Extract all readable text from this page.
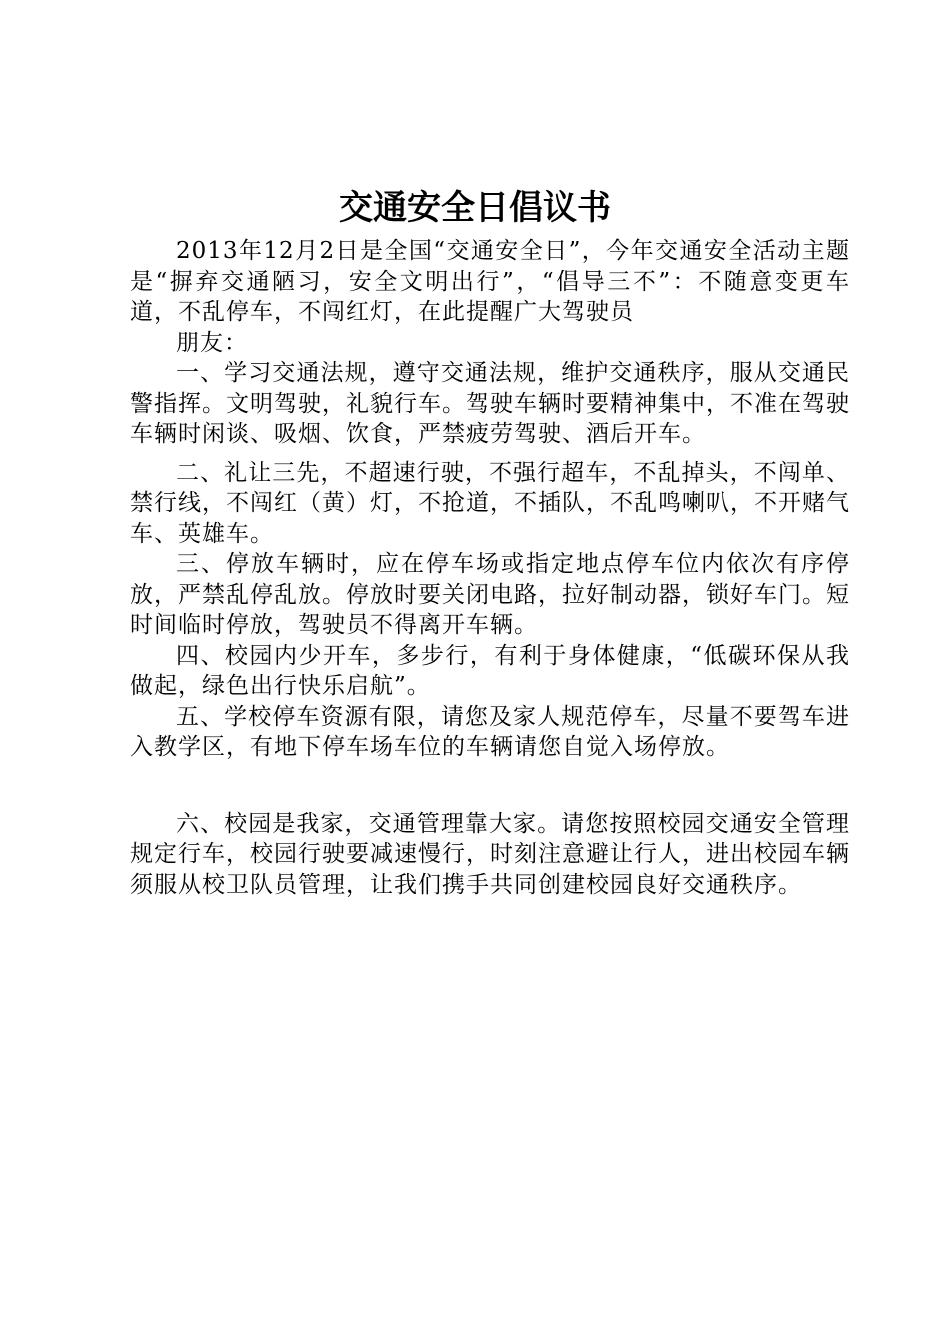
交通安全日倡议书

2013年12月2日是全国“交通安全日”，今年交通安全活动主题是“摒弃交通陋习，安全文明出行”，“倡导三不”：不随意变更车道，不乱停车，不闯红灯，在此提醒广大驾驶员

朋友：

一、学习交通法规，遵守交通法规，维护交通秩序，服从交通民警指挥。文明驾驶，礼貌行车。驾驶车辆时要精神集中，不准在驾驶车辆时闲谈、吸烟、饮食，严禁疲劳驾驶、酒后开车。

二、礼让三先，不超速行驶，不强行超车，不乱掉头，不闯单、禁行线，不闯红（黄）灯，不抢道，不插队，不乱鸣喇叭，不开赌气车、英雄车。

三、停放车辆时，应在停车场或指定地点停车位内依次有序停放，严禁乱停乱放。停放时要关闭电路，拉好制动器，锁好车门。短时间临时停放，驾驶员不得离开车辆。

四、校园内少开车，多步行，有利于身体健康，“低碳环保从我做起，绿色出行快乐启航”。

五、学校停车资源有限，请您及家人规范停车，尽量不要驾车进入教学区，有地下停车场车位的车辆请您自觉入场停放。

六、校园是我家，交通管理靠大家。请您按照校园交通安全管理规定行车，校园行驶要减速慢行，时刻注意避让行人，进出校园车辆须服从校卫队员管理，让我们携手共同创建校园良好交通秩序。
